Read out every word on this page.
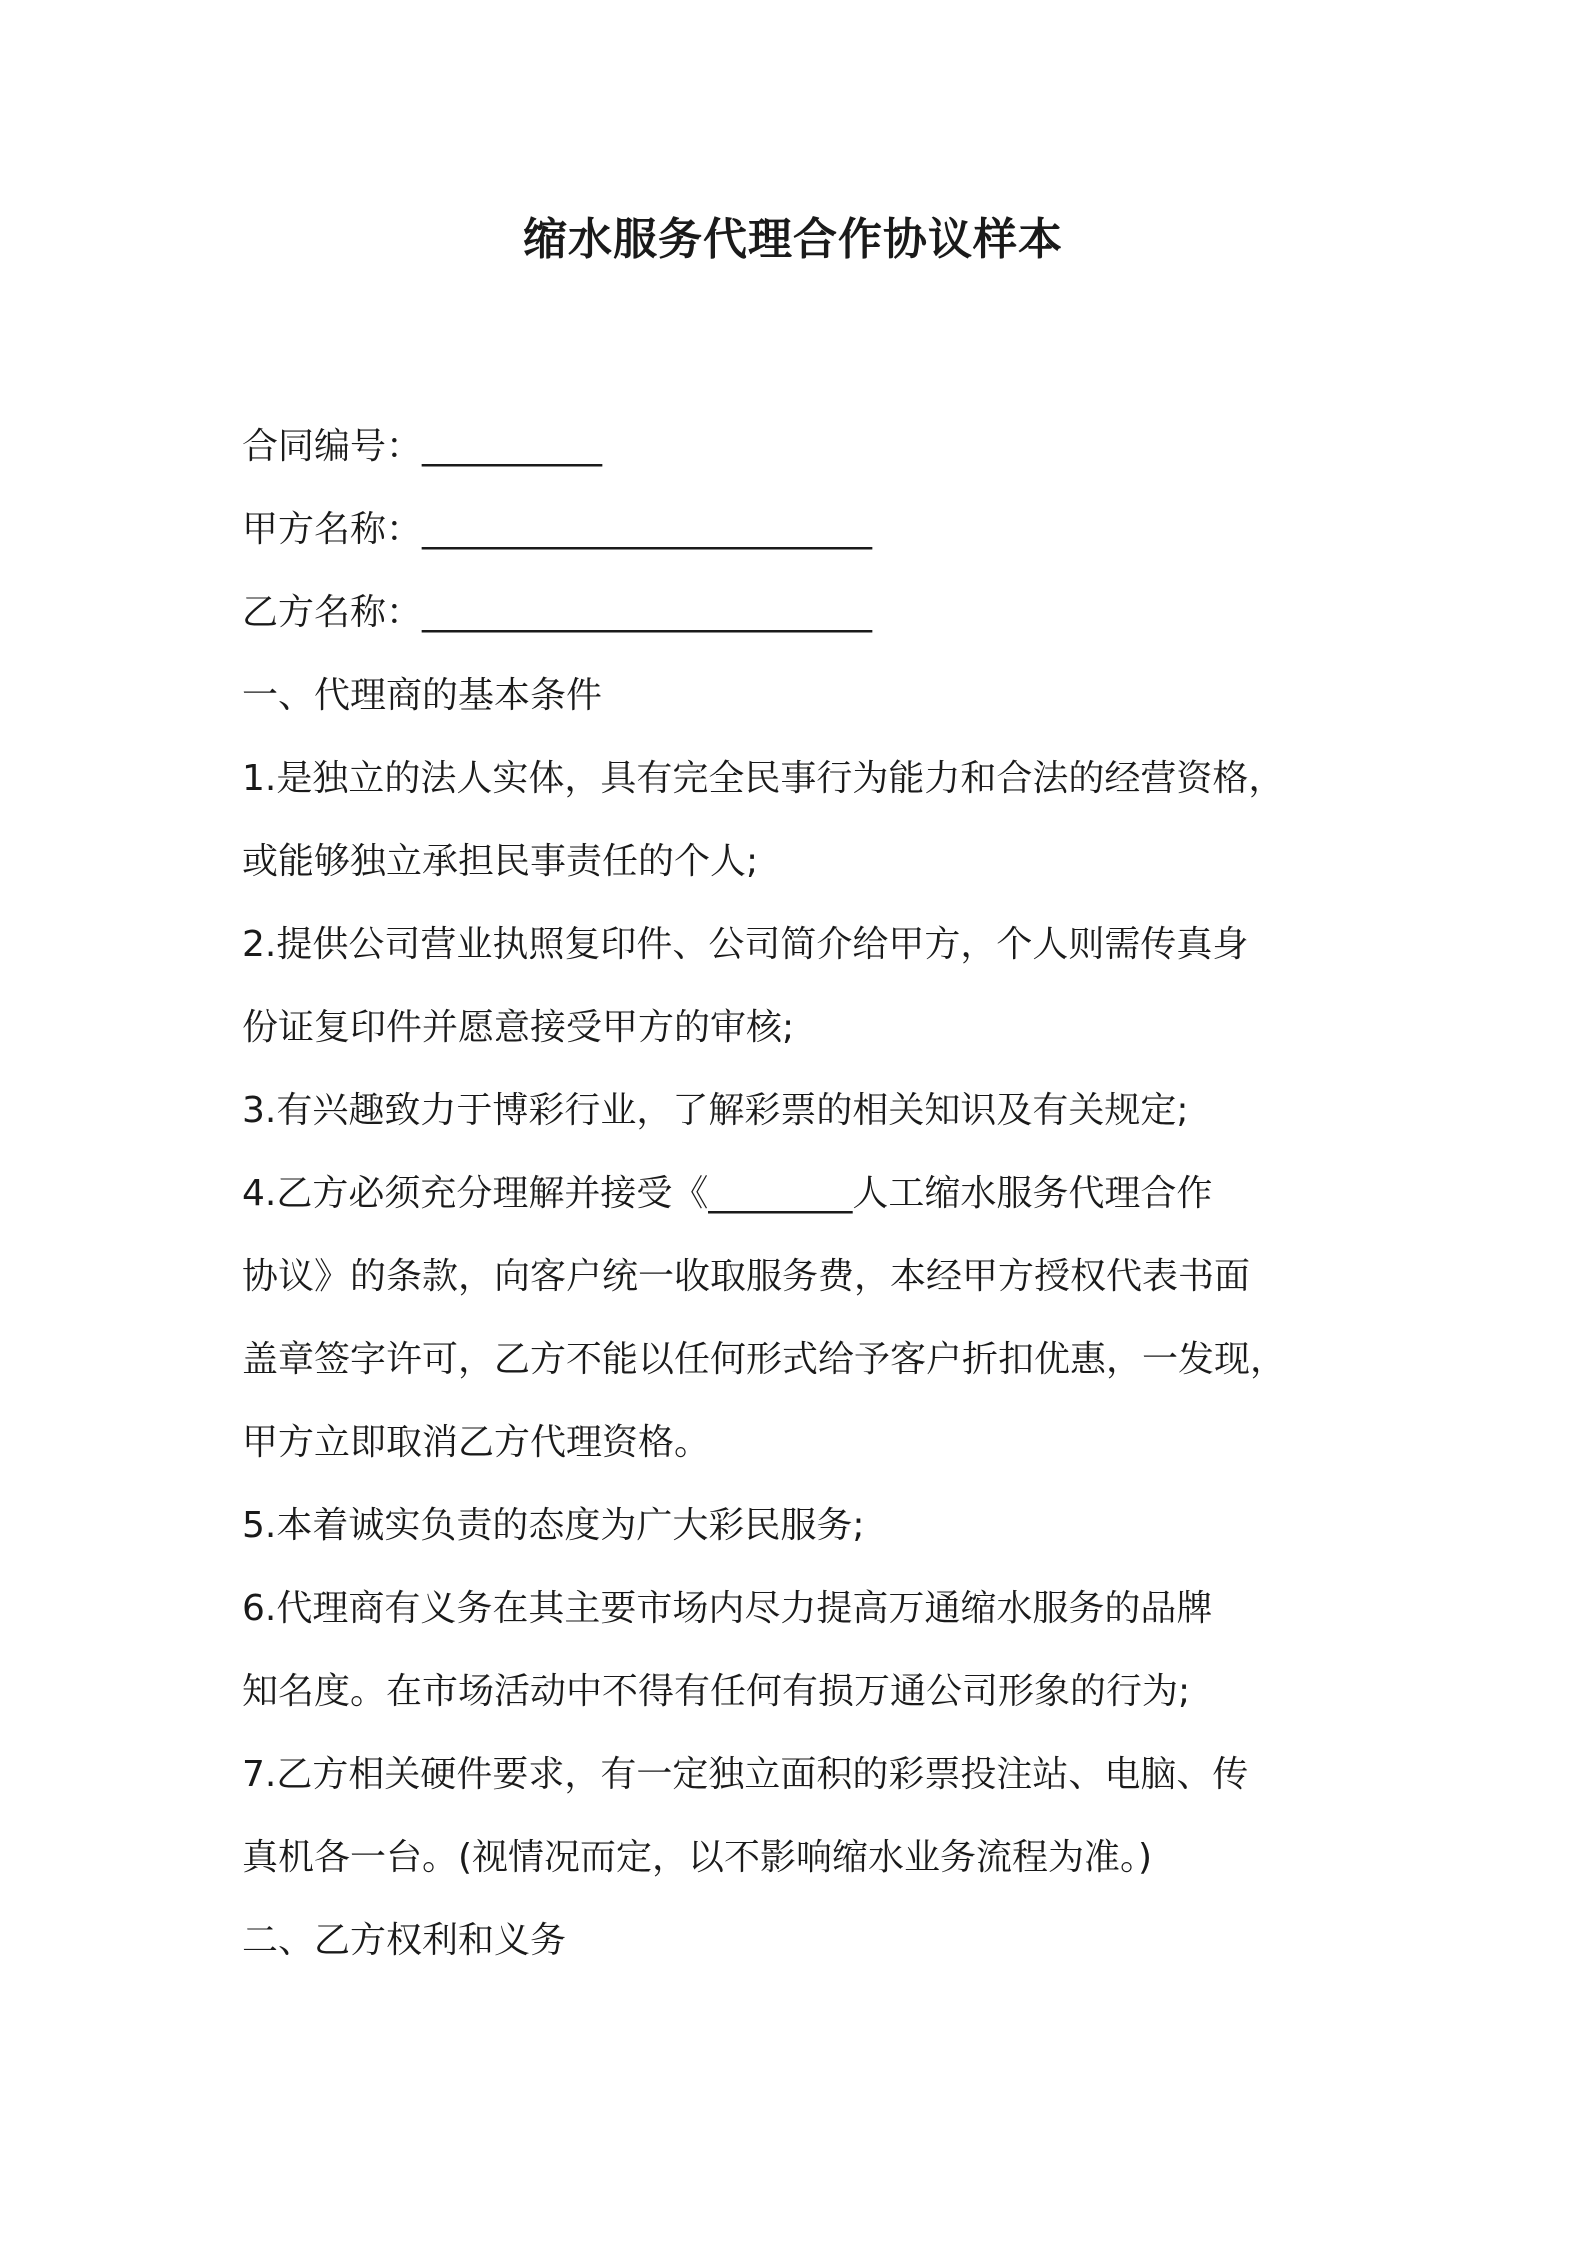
缩水服务代理合作协议样本
合同编号：__________
甲方名称：_________________________
乙方名称：_________________________
一、代理商的基本条件
1.是独立的法人实体，具有完全民事行为能力和合法的经营资格，
或能够独立承担民事责任的个人;
2.提供公司营业执照复印件、公司简介给甲方，个人则需传真身
份证复印件并愿意接受甲方的审核;
3.有兴趣致力于博彩行业，了解彩票的相关知识及有关规定;
4.乙方必须充分理解并接受《________人工缩水服务代理合作
协议》的条款，向客户统一收取服务费，本经甲方授权代表书面
盖章签字许可，乙方不能以任何形式给予客户折扣优惠，一发现，
甲方立即取消乙方代理资格。
5.本着诚实负责的态度为广大彩民服务;
6.代理商有义务在其主要市场内尽力提高万通缩水服务的品牌
知名度。在市场活动中不得有任何有损万通公司形象的行为;
7.乙方相关硬件要求，有一定独立面积的彩票投注站、电脑、传
真机各一台。(视情况而定，以不影响缩水业务流程为准。)
二、乙方权利和义务
